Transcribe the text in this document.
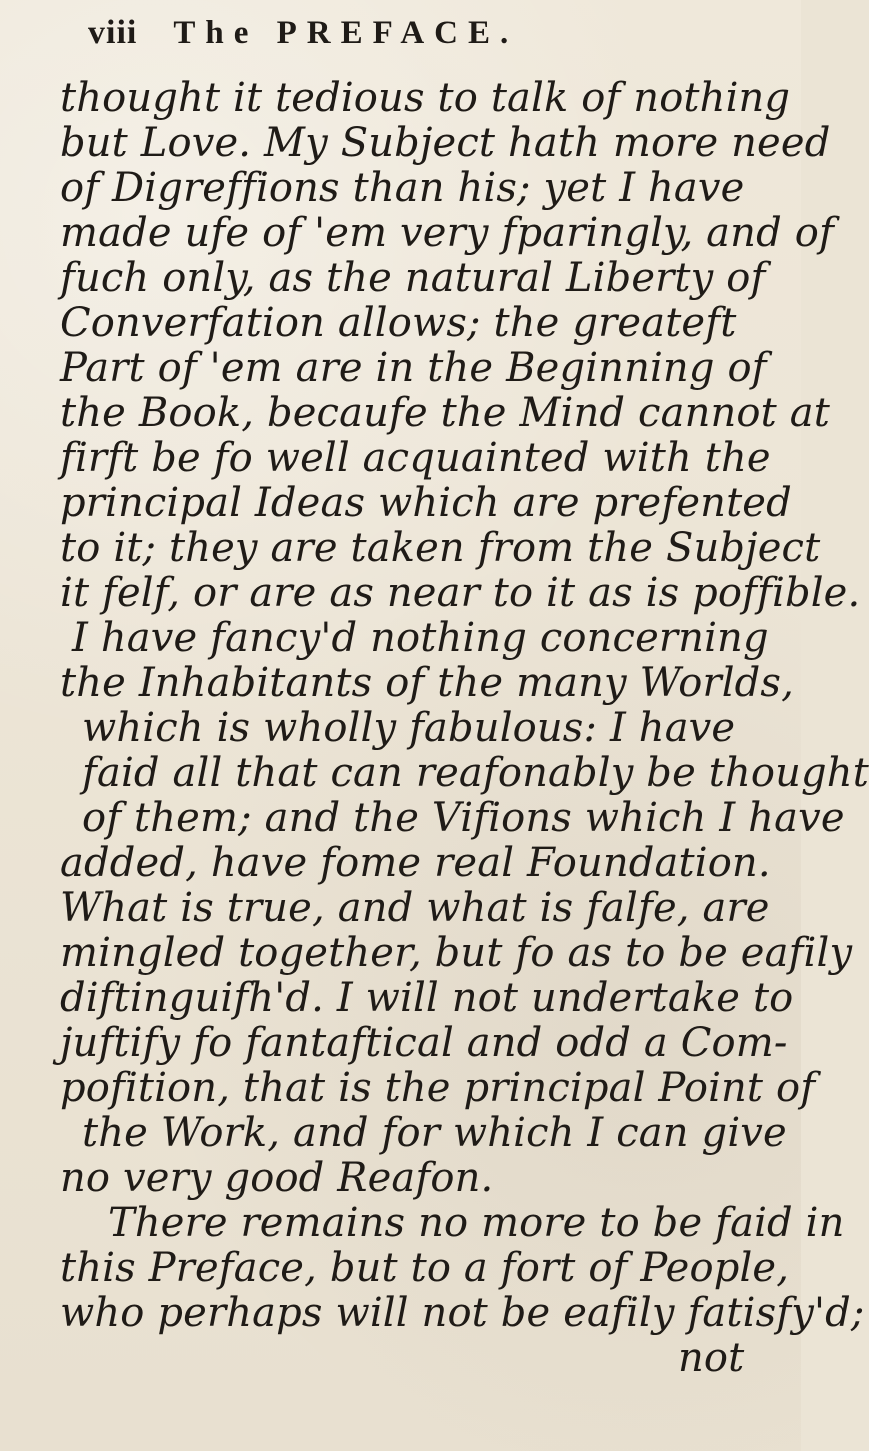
viii The PREFACE.
thought it tedious to talk of nothing
but Love. My Subject hath more need
of Digreffions than his; yet I have
made ufe of 'em very fparingly, and of
fuch only, as the natural Liberty of
Converfation allows; the greateft
Part of 'em are in the Beginning of
the Book, becaufe the Mind cannot at
firft be fo well acquainted with the
principal Ideas which are prefented
to it; they are taken from the Subject
it felf, or are as near to it as is poffible.
I have fancy'd nothing concerning
the Inhabitants of the many Worlds,
which is wholly fabulous: I have
faid all that can reafonably be thought
of them; and the Vifions which I have
added, have fome real Foundation.
What is true, and what is falfe, are
mingled together, but fo as to be eafily
diftinguifh'd. I will not undertake to
juftify fo fantaftical and odd a Com-
pofition, that is the principal Point of
the Work, and for which I can give
no very good Reafon.
There remains no more to be faid in
this Preface, but to a fort of People,
who perhaps will not be eafily fatisfy'd;
not
